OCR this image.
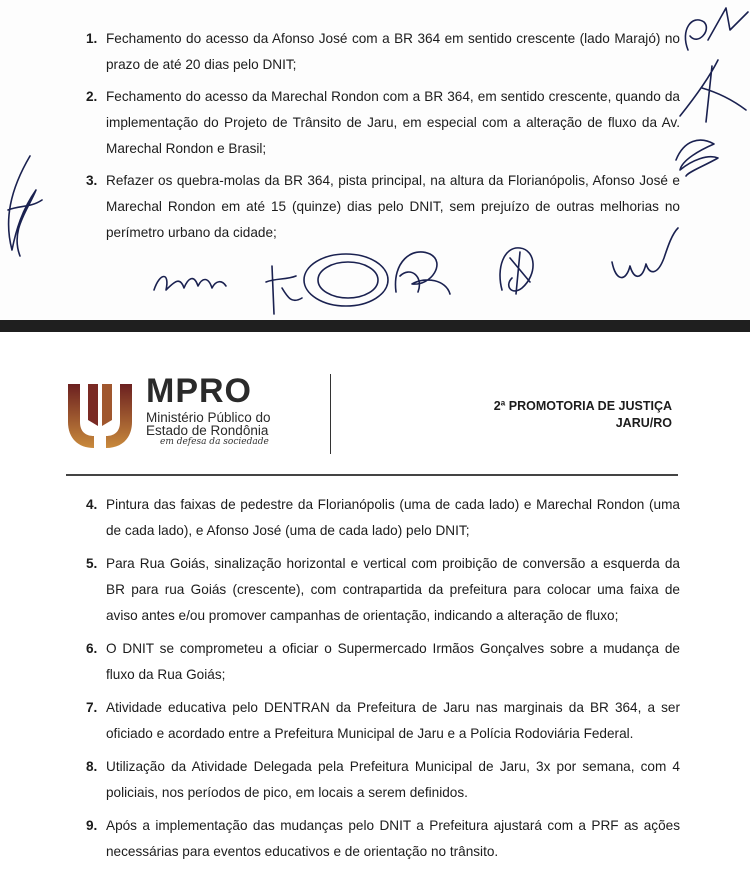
1. Fechamento do acesso da Afonso José com a BR 364 em sentido crescente (lado Marajó) no prazo de até 20 dias pelo DNIT;
2. Fechamento do acesso da Marechal Rondon com a BR 364, em sentido crescente, quando da implementação do Projeto de Trânsito de Jaru, em especial com a alteração de fluxo da Av. Marechal Rondon e Brasil;
3. Refazer os quebra-molas da BR 364, pista principal, na altura da Florianópolis, Afonso José e Marechal Rondon em até 15 (quinze) dias pelo DNIT, sem prejuízo de outras melhorias no perímetro urbano da cidade;

MPRO

Ministério Público do

Estado de Rondônia

em defesa da sociedade

2ª PROMOTORIA DE JUSTIÇA
JARU/RO

4. Pintura das faixas de pedestre da Florianópolis (uma de cada lado) e Marechal Rondon (uma de cada lado), e Afonso José (uma de cada lado) pelo DNIT;
5. Para Rua Goiás, sinalização horizontal e vertical com proibição de conversão a esquerda da BR para rua Goiás (crescente), com contrapartida da prefeitura para colocar uma faixa de aviso antes e/ou promover campanhas de orientação, indicando a alteração de fluxo;
6. O DNIT se comprometeu a oficiar o Supermercado Irmãos Gonçalves sobre a mudança de fluxo da Rua Goiás;
7. Atividade educativa pelo DENTRAN da Prefeitura de Jaru nas marginais da BR 364, a ser oficiado e acordado entre a Prefeitura Municipal de Jaru e a Polícia Rodoviária Federal.
8. Utilização da Atividade Delegada pela Prefeitura Municipal de Jaru, 3x por semana, com 4 policiais, nos períodos de pico, em locais a serem definidos.
9. Após a implementação das mudanças pelo DNIT a Prefeitura ajustará com a PRF as ações necessárias para eventos educativos e de orientação no trânsito.
